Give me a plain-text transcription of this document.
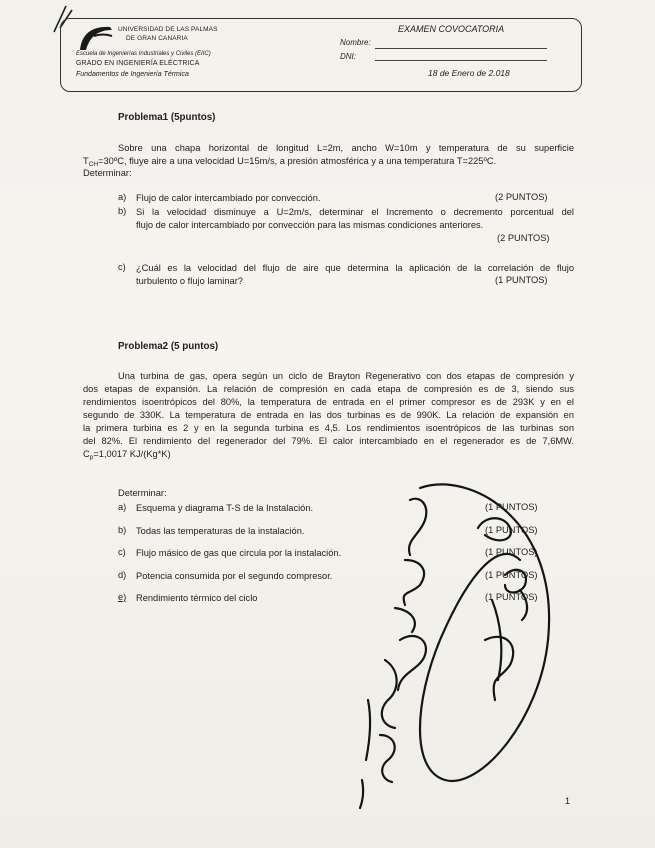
UNIVERSIDAD DE LAS PALMAS
DE GRAN CANARIA
Escuela de Ingenierías Industriales y Civiles (EIIC)
GRADO EN INGENIERÍA ELÉCTRICA
Fundamentos de Ingeniería Térmica
EXAMEN COVOCATORIA
Nombre:
DNI:
18 de Enero de 2.018
Problema1 (5puntos)
Sobre una chapa horizontal de longitud L=2m, ancho W=10m y temperatura de su superficie
$T_{CH}=30ºC$, fluye aire a una velocidad U=15m/s, a presión atmosférica y a una temperatura T=225ºC.
Determinar:
a) Flujo de calor intercambiado por convección.	(2 PUNTOS)
b) Si la velocidad disminuye a U=2m/s, determinar el Incremento o decremento porcentual del
flujo de calor intercambiado por convección para las mismas condiciones anteriores.
(2 PUNTOS)
c) ¿Cuál es la velocidad del flujo de aire que determina la aplicación de la correlación de flujo
turbulento o flujo laminar?	(1 PUNTOS)
Problema2 (5 puntos)
Una turbina de gas, opera según un ciclo de Brayton Regenerativo con dos etapas de compresión y
dos etapas de expansión. La relación de compresión en cada etapa de compresión es de 3, siendo sus
rendimientos isoentrópicos del 80%, la temperatura de entrada en el primer compresor es de 293K y en el
segundo de 330K. La temperatura de entrada en las dos turbinas es de 990K. La relación de expansión en
la primera turbina es 2 y en la segunda turbina es 4,5. Los rendimientos isoentrópicos de las turbinas son
del 82%. El rendimiento del regenerador del 79%. El calor intercambiado en el regenerador es de 7,6MW.
$C_p=1,0017$ KJ/(Kg*K)
Determinar:
a) Esquema y diagrama T-S de la Instalación.	(1 PUNTOS)
b) Todas las temperaturas de la instalación.	(1 PUNTOS)
c) Flujo másico de gas que circula por la instalación.	(1 PUNTOS)
d) Potencia consumida por el segundo compresor.	(1 PUNTOS)
e) Rendimiento térmico del ciclo	(1 PUNTOS)
1
